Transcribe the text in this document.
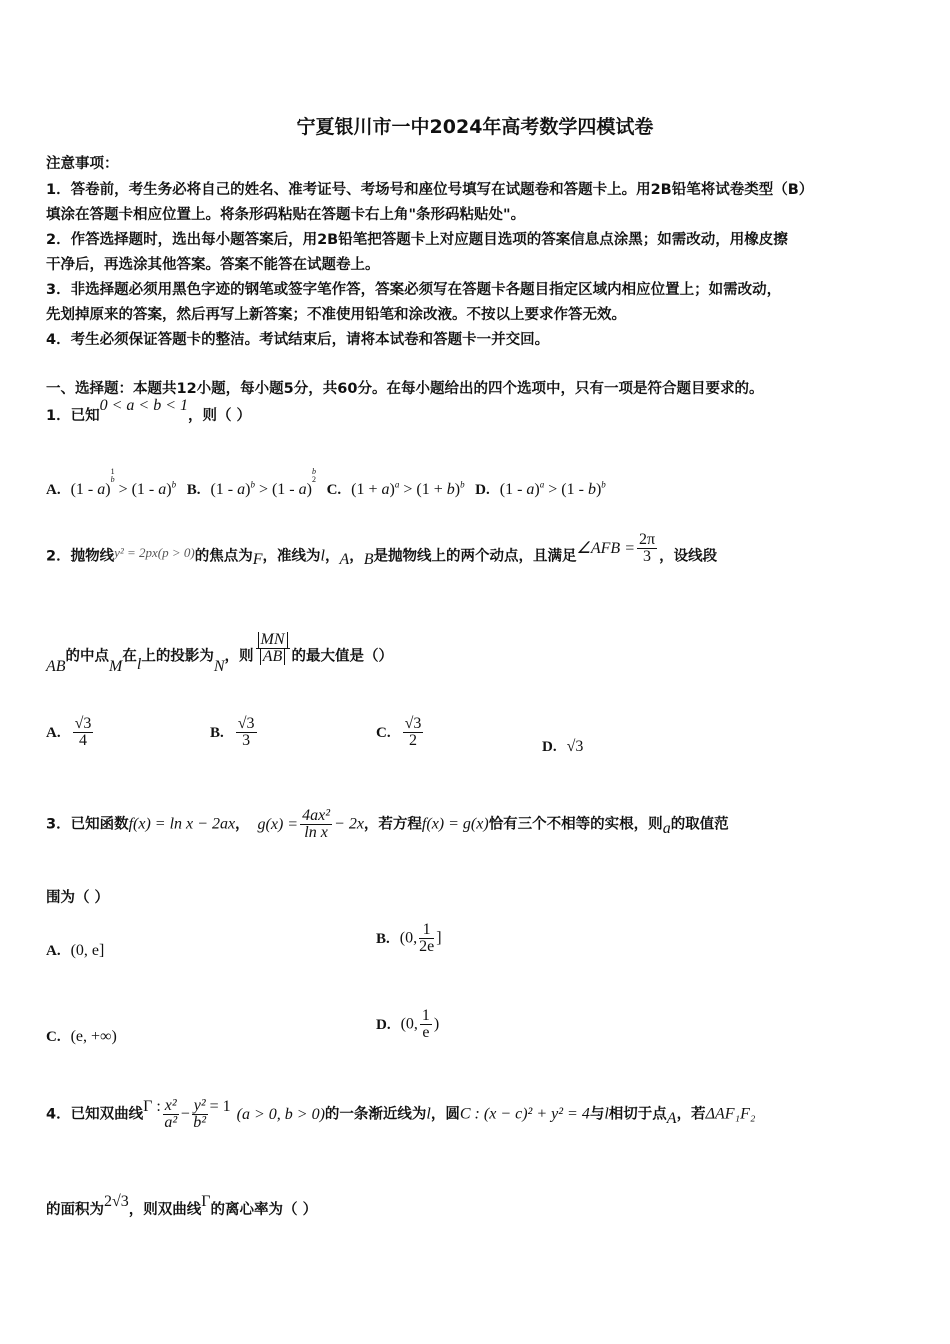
宁夏银川市一中2024年高考数学四模试卷
注意事项：
1．答卷前，考生务必将自己的姓名、准考证号、考场号和座位号填写在试题卷和答题卡上。用2B铅笔将试卷类型（B）
填涂在答题卡相应位置上。将条形码粘贴在答题卡右上角"条形码粘贴处"。
2．作答选择题时，选出每小题答案后，用2B铅笔把答题卡上对应题目选项的答案信息点涂黑；如需改动，用橡皮擦
干净后，再选涂其他答案。答案不能答在试题卷上。
3．非选择题必须用黑色字迹的钢笔或签字笔作答，答案必须写在答题卡各题目指定区域内相应位置上；如需改动，
先划掉原来的答案，然后再写上新答案；不准使用铅笔和涂改液。不按以上要求作答无效。
4．考生必须保证答题卡的整洁。考试结束后，请将本试卷和答题卡一并交回。
一、选择题：本题共12小题，每小题5分，共60分。在每小题给出的四个选项中，只有一项是符合题目要求的。
1．已知0 < a < b < 1，则（ ）
A. (1 - a)$^{1 b}$ > (1 - a)$^b$ B. (1 - a)$^b$ > (1 - a)$^{b 2}$ C. $(1 + a)^a > (1 + b)^b$ D. (1 - a)$^a$ > (1 - b)$^b$
2．抛物线y² = 2px(p > 0)的焦点为F，准线为l，A，B是抛物线上的两个动点，且满足∠AFB = $\frac{2\pi}{3}$ ，设线段
AB的中点M在l上的投影为N，则 $\frac{MN}{AB}$ 的最大值是（）
A. $\frac{√3}{4}$	B. $\frac{√3}{3}$	C. $\frac{√3}{2}$	D. √3
3．已知函数f(x) = ln x − 2ax， $g(x) = \frac{\text{4ax²}}{\text{ln x}} - 2x$，若方程f(x) = g(x)恰有三个不相等的实根，则a的取值范
围为（ ）
A. (0, e]
B. (0, $\frac{1}{2e}$ ]
C. (e, +∞)
D. (0, $\frac{1}{e}$ )
4．已知双曲线Γ : $\frac{\text{x²}}{\text{a²}} - \frac{\text{y²}}{\text{b²}} = 1$ (a > 0, b > 0)的一条渐近线为l，圆C : (x − c)² + y² = 4与l相切于点A，若ΔAF₁F₂
的面积为2√3，则双曲线Γ的离心率为（ ）
